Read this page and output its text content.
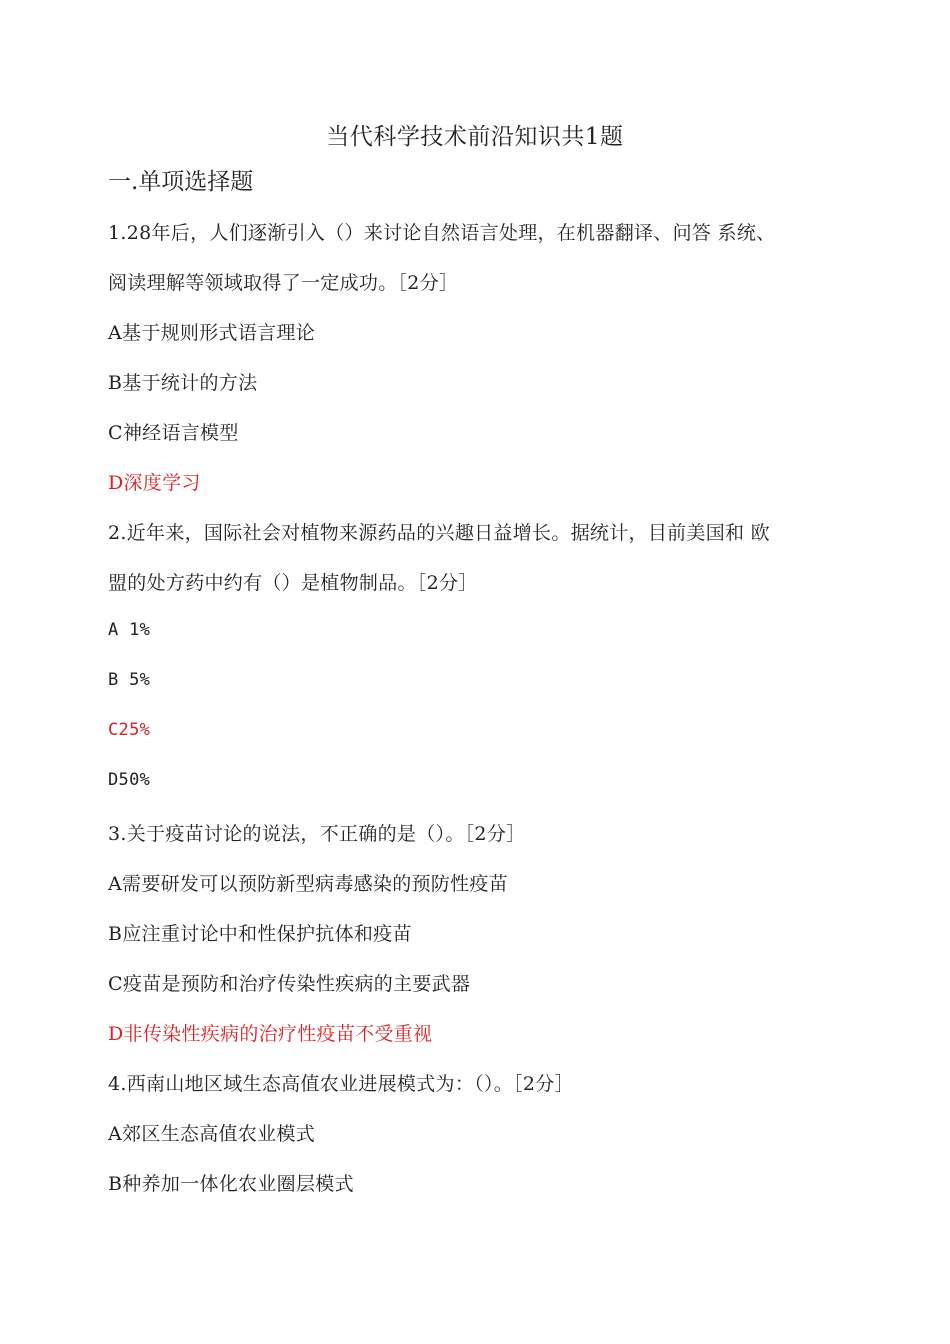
当代科学技术前沿知识共1题
一.单项选择题
1.28年后，人们逐渐引入（）来讨论自然语言处理，在机器翻译、问答 系统、
阅读理解等领域取得了一定成功。［2分］
A基于规则形式语言理论
B基于统计的方法
C神经语言模型
D深度学习
2.近年来，国际社会对植物来源药品的兴趣日益增长。据统计，目前美国和 欧
盟的处方药中约有（）是植物制品。［2分］
A 1%
B 5%
C25%
D50%
3.关于疫苗讨论的说法，不正确的是（）。［2分］
A需要研发可以预防新型病毒感染的预防性疫苗
B应注重讨论中和性保护抗体和疫苗
C疫苗是预防和治疗传染性疾病的主要武器
D非传染性疾病的治疗性疫苗不受重视
4.西南山地区域生态高值农业进展模式为：（）。［2分］
A郊区生态高值农业模式
B种养加一体化农业圈层模式
